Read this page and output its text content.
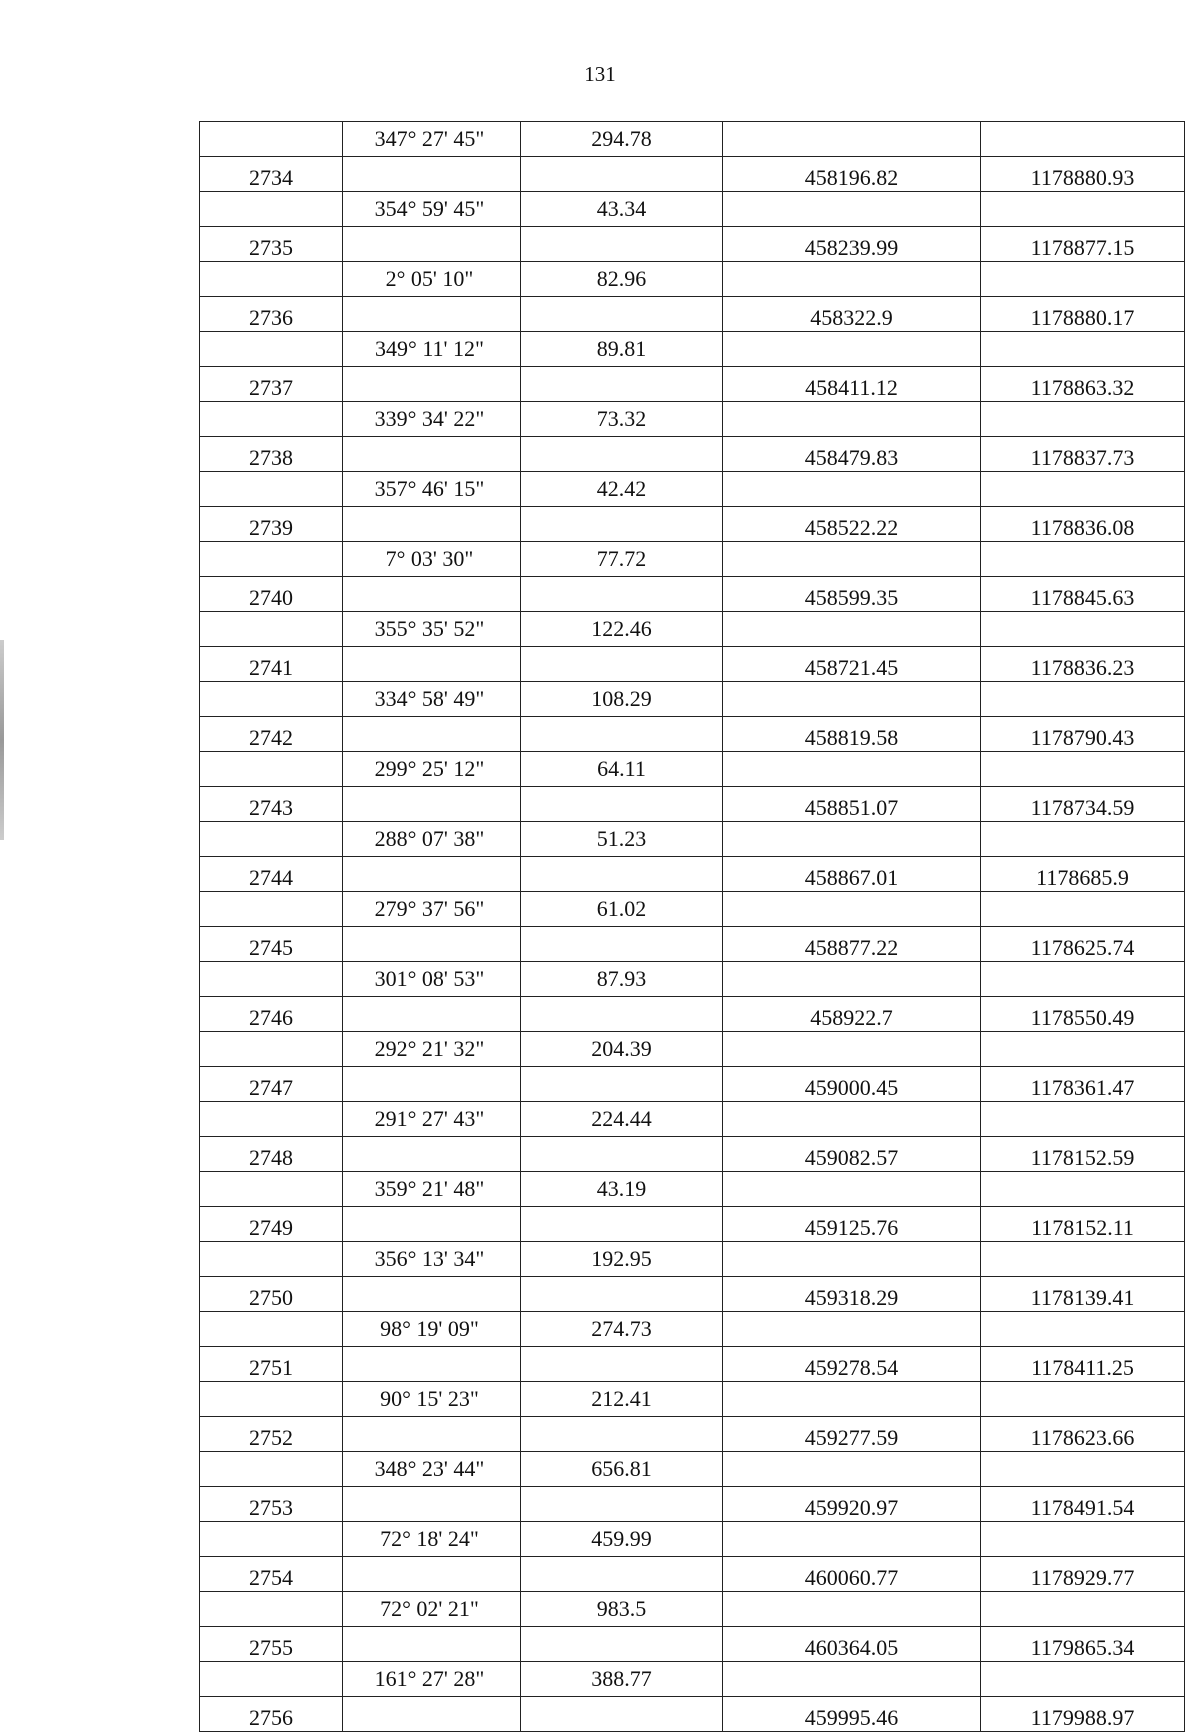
131
	347° 27' 45"	294.78		
2734			458196.82	1178880.93
	354° 59' 45"	43.34		
2735			458239.99	1178877.15
	2° 05' 10"	82.96		
2736			458322.9	1178880.17
	349° 11' 12"	89.81		
2737			458411.12	1178863.32
	339° 34' 22"	73.32		
2738			458479.83	1178837.73
	357° 46' 15"	42.42		
2739			458522.22	1178836.08
	7° 03' 30"	77.72		
2740			458599.35	1178845.63
	355° 35' 52"	122.46		
2741			458721.45	1178836.23
	334° 58' 49"	108.29		
2742			458819.58	1178790.43
	299° 25' 12"	64.11		
2743			458851.07	1178734.59
	288° 07' 38"	51.23		
2744			458867.01	1178685.9
	279° 37' 56"	61.02		
2745			458877.22	1178625.74
	301° 08' 53"	87.93		
2746			458922.7	1178550.49
	292° 21' 32"	204.39		
2747			459000.45	1178361.47
	291° 27' 43"	224.44		
2748			459082.57	1178152.59
	359° 21' 48"	43.19		
2749			459125.76	1178152.11
	356° 13' 34"	192.95		
2750			459318.29	1178139.41
	98° 19' 09"	274.73		
2751			459278.54	1178411.25
	90° 15' 23"	212.41		
2752			459277.59	1178623.66
	348° 23' 44"	656.81		
2753			459920.97	1178491.54
	72° 18' 24"	459.99		
2754			460060.77	1178929.77
	72° 02' 21"	983.5		
2755			460364.05	1179865.34
	161° 27' 28"	388.77		
2756			459995.46	1179988.97
